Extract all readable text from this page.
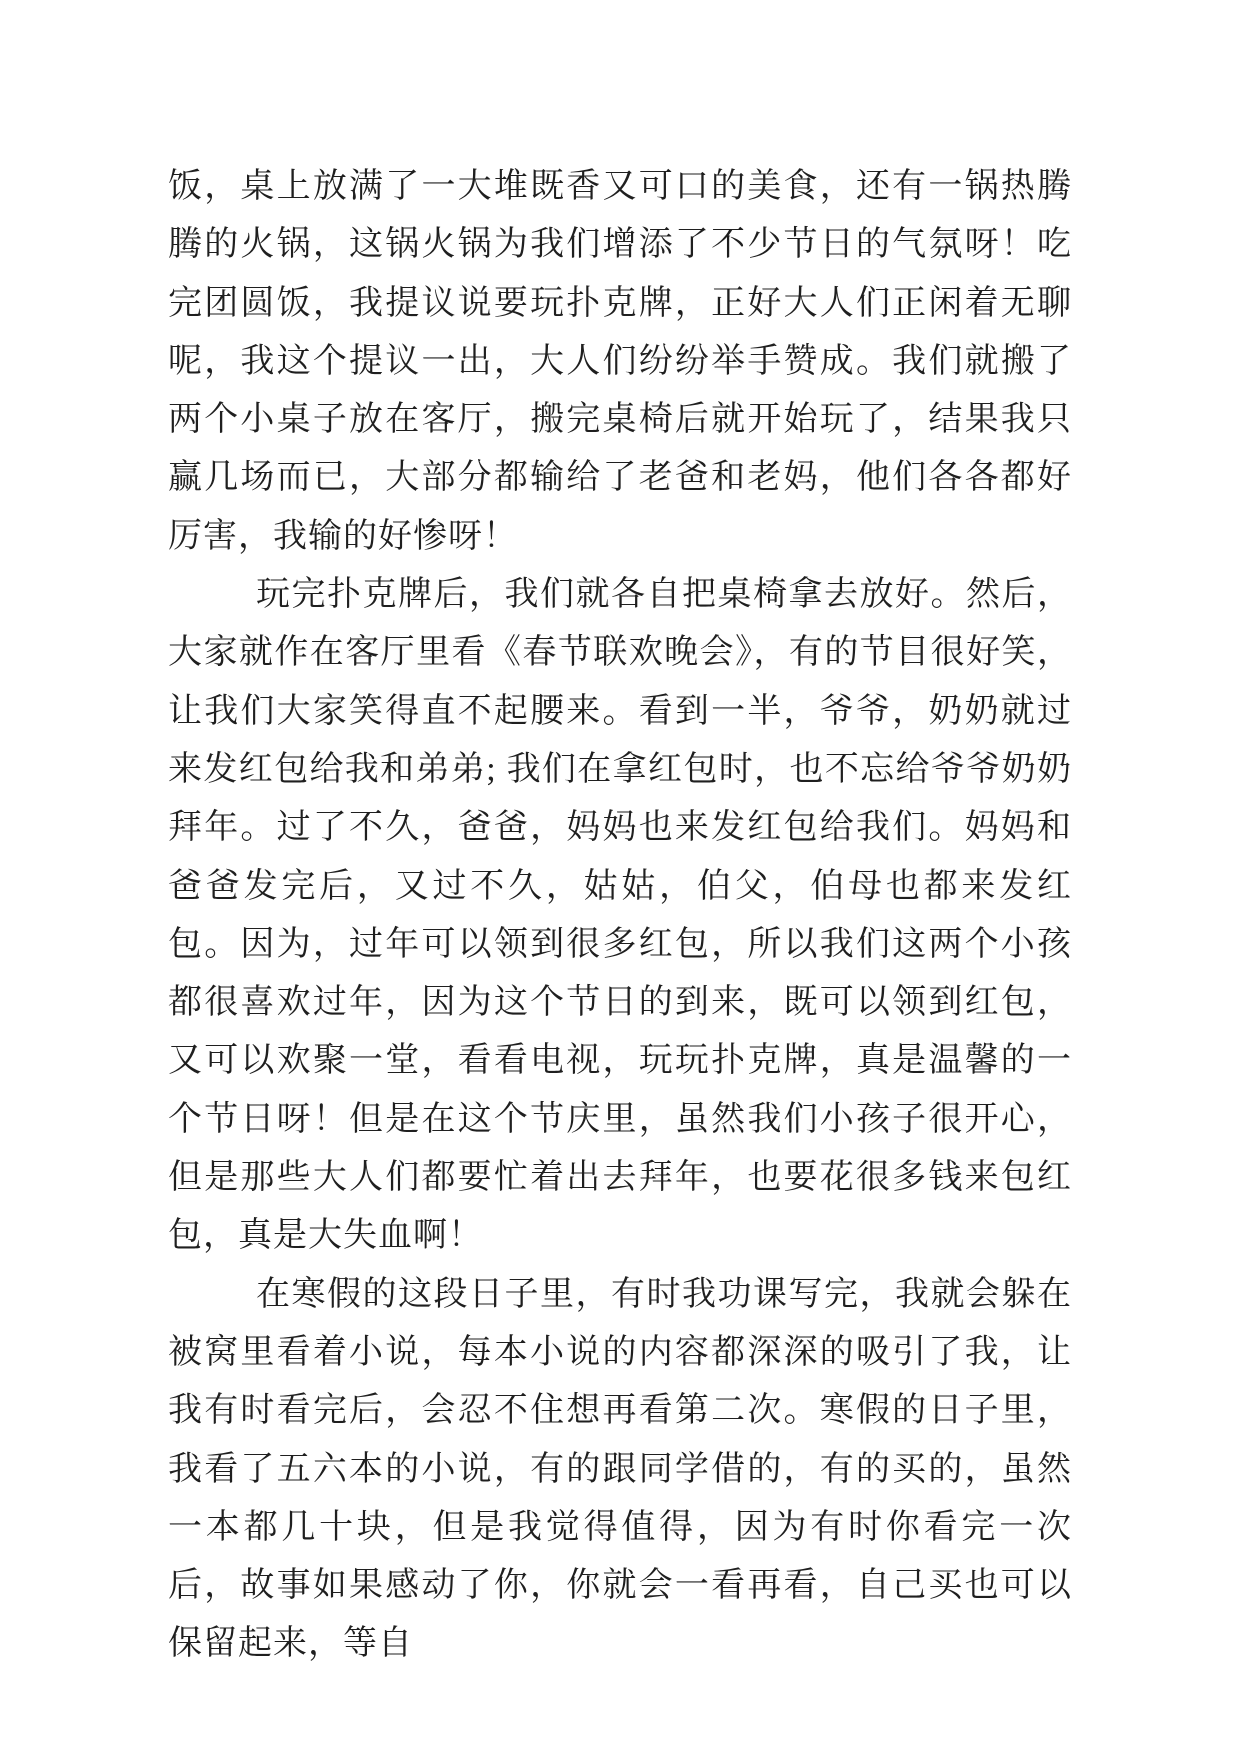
饭，桌上放满了一大堆既香又可口的美食，还有一锅热腾腾的火锅，这锅火锅为我们增添了不少节日的气氛呀！吃完团圆饭，我提议说要玩扑克牌，正好大人们正闲着无聊呢，我这个提议一出，大人们纷纷举手赞成。我们就搬了两个小桌子放在客厅，搬完桌椅后就开始玩了，结果我只赢几场而已，大部分都输给了老爸和老妈，他们各各都好厉害，我输的好惨呀！

玩完扑克牌后，我们就各自把桌椅拿去放好。然后，大家就作在客厅里看《春节联欢晚会》，有的节目很好笑，让我们大家笑得直不起腰来。看到一半，爷爷，奶奶就过来发红包给我和弟弟; 我们在拿红包时，也不忘给爷爷奶奶拜年。过了不久，爸爸，妈妈也来发红包给我们。妈妈和爸爸发完后，又过不久，姑姑，伯父，伯母也都来发红包。因为，过年可以领到很多红包，所以我们这两个小孩都很喜欢过年，因为这个节日的到来，既可以领到红包，又可以欢聚一堂，看看电视，玩玩扑克牌，真是温馨的一个节日呀！但是在这个节庆里，虽然我们小孩子很开心，但是那些大人们都要忙着出去拜年，也要花很多钱来包红包，真是大失血啊！

在寒假的这段日子里，有时我功课写完，我就会躲在被窝里看着小说，每本小说的内容都深深的吸引了我，让我有时看完后，会忍不住想再看第二次。寒假的日子里，我看了五六本的小说，有的跟同学借的，有的买的，虽然一本都几十块，但是我觉得值得，因为有时你看完一次后，故事如果感动了你，你就会一看再看，自己买也可以保留起来，等自
